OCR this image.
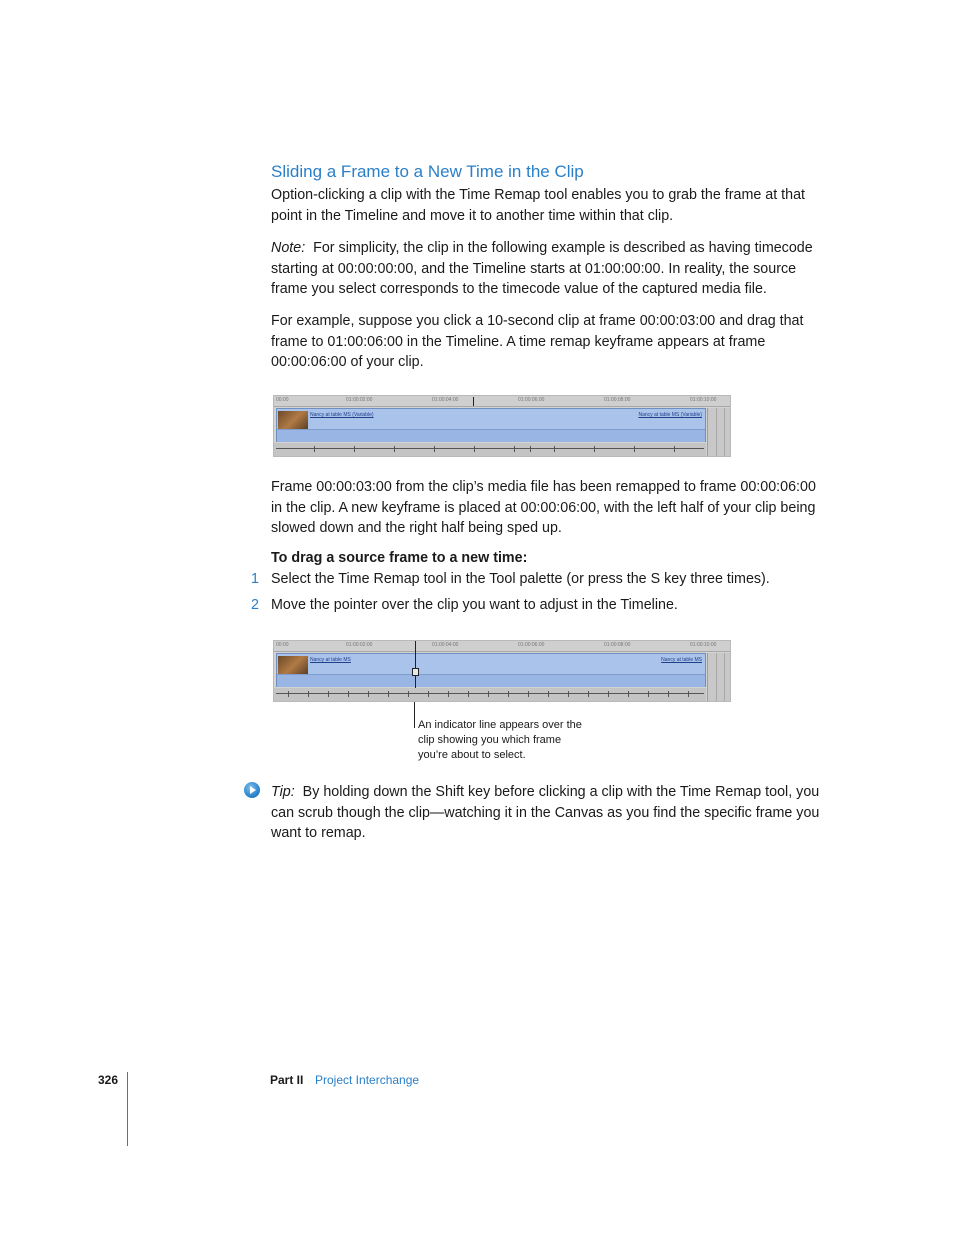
Sliding a Frame to a New Time in the Clip
Option-clicking a clip with the Time Remap tool enables you to grab the frame at that point in the Timeline and move it to another time within that clip.
Note: For simplicity, the clip in the following example is described as having timecode starting at 00:00:00:00, and the Timeline starts at 01:00:00:00. In reality, the source frame you select corresponds to the timecode value of the captured media file.
For example, suppose you click a 10-second clip at frame 00:00:03:00 and drag that frame to 01:00:06:00 in the Timeline. A time remap keyframe appears at frame 00:00:06:00 of your clip.
00:00	01:00:02:00	01:00:04:00	01:00:06:00	01:00:08:00	01:00:10:00
Nancy at table MS (Variable)	Nancy at table MS (Variable)
Frame 00:00:03:00 from the clip’s media file has been remapped to frame 00:00:06:00 in the clip. A new keyframe is placed at 00:00:06:00, with the left half of your clip being slowed down and the right half being sped up.
To drag a source frame to a new time:
1 Select the Time Remap tool in the Tool palette (or press the S key three times).
2 Move the pointer over the clip you want to adjust in the Timeline.
00:00	01:00:02:00	01:00:04:00	01:00:06:00	01:00:08:00	01:00:10:00
Nancy at table MS	Nancy at table MS
An indicator line appears over the clip showing you which frame you’re about to select.
Tip: By holding down the Shift key before clicking a clip with the Time Remap tool, you can scrub though the clip—watching it in the Canvas as you find the specific frame you want to remap.
326	Part II Project Interchange
